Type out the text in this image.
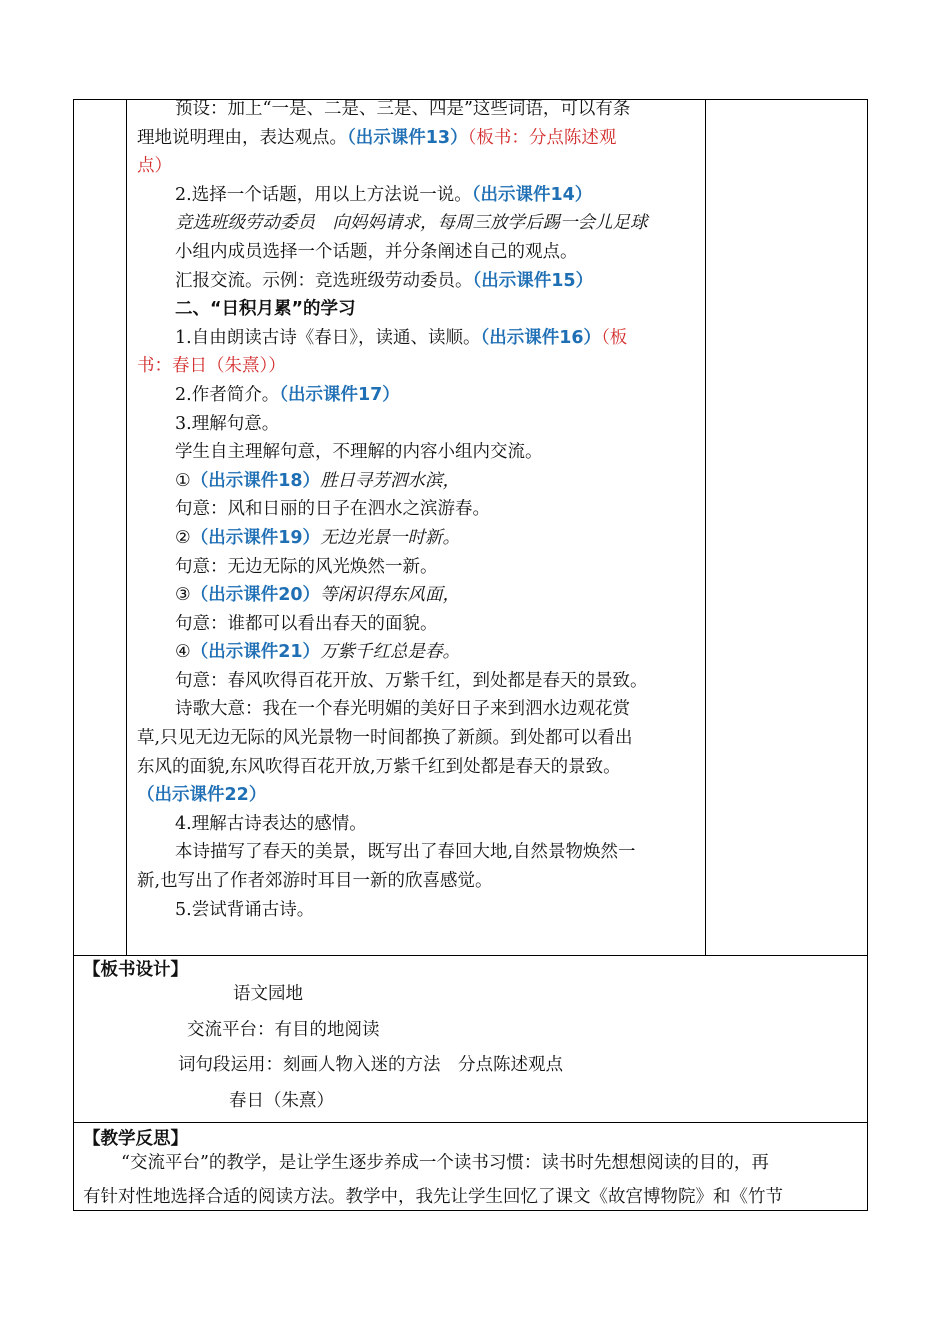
预设：加上“一是、二是、三是、四是”这些词语，可以有条
理地说明理由，表达观点。（出示课件13）（板书：分点陈述观
点）
2.选择一个话题，用以上方法说一说。（出示课件14）
竞选班级劳动委员　向妈妈请求，每周三放学后踢一会儿足球
小组内成员选择一个话题，并分条阐述自己的观点。
汇报交流。示例：竞选班级劳动委员。（出示课件15）
二、“日积月累”的学习
1.自由朗读古诗《春日》，读通、读顺。（出示课件16）（板
书：春日（朱熹））
2.作者简介。（出示课件17）
3.理解句意。
学生自主理解句意，不理解的内容小组内交流。
①（出示课件18）胜日寻芳泗水滨，
句意：风和日丽的日子在泗水之滨游春。
②（出示课件19）无边光景一时新。
句意：无边无际的风光焕然一新。
③（出示课件20）等闲识得东风面，
句意：谁都可以看出春天的面貌。
④（出示课件21）万紫千红总是春。
句意：春风吹得百花开放、万紫千红，到处都是春天的景致。
诗歌大意：我在一个春光明媚的美好日子来到泗水边观花赏
草,只见无边无际的风光景物一时间都换了新颜。到处都可以看出
东风的面貌,东风吹得百花开放,万紫千红到处都是春天的景致。
（出示课件22）
4.理解古诗表达的感情。
本诗描写了春天的美景，既写出了春回大地,自然景物焕然一
新,也写出了作者郊游时耳目一新的欣喜感觉。
5.尝试背诵古诗。
【板书设计】
语文园地
交流平台：有目的地阅读
词句段运用：刻画人物入迷的方法　分点陈述观点
春日（朱熹）
【教学反思】
“交流平台”的教学，是让学生逐步养成一个读书习惯：读书时先想想阅读的目的，再
有针对性地选择合适的阅读方法。教学中，我先让学生回忆了课文《故宫博物院》和《竹节
